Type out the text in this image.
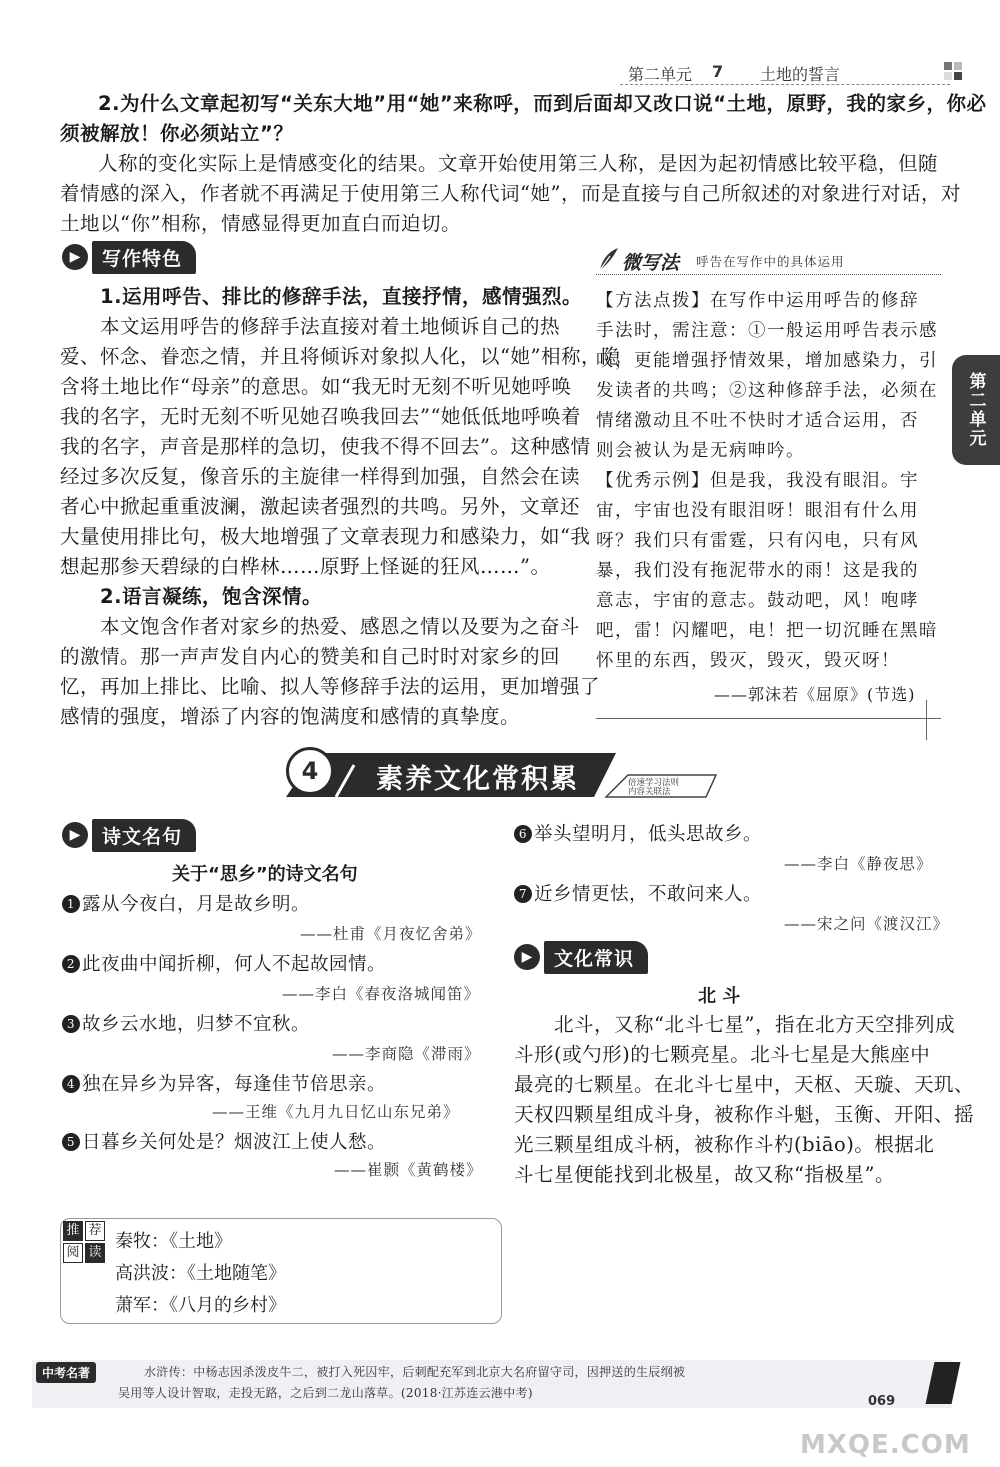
第二单元 7 土地的誓言
2.为什么文章起初写“关东大地”用“她”来称呼，而到后面却又改口说“土地，原野，我的家乡，你必
须被解放！你必须站立”？
人称的变化实际上是情感变化的结果。文章开始使用第三人称，是因为起初情感比较平稳，但随
着情感的深入，作者就不再满足于使用第三人称代词“她”，而是直接与自己所叙述的对象进行对话，对
土地以“你”相称，情感显得更加直白而迫切。
▶	写作特色
1.运用呼告、排比的修辞手法，直接抒情，感情强烈。
本文运用呼告的修辞手法直接对着土地倾诉自己的热
爱、怀念、眷恋之情，并且将倾诉对象拟人化，以“她”相称，隐
含将土地比作“母亲”的意思。如“我无时无刻不听见她呼唤
我的名字，无时无刻不听见她召唤我回去”“她低低地呼唤着
我的名字，声音是那样的急切，使我不得不回去”。这种感情
经过多次反复，像音乐的主旋律一样得到加强，自然会在读
者心中掀起重重波澜，激起读者强烈的共鸣。另外，文章还
大量使用排比句，极大地增强了文章表现力和感染力，如“我
想起那参天碧绿的白桦林……原野上怪诞的狂风……”。
2.语言凝练，饱含深情。
本文饱含作者对家乡的热爱、感恩之情以及要为之奋斗
的激情。那一声声发自内心的赞美和自己时时对家乡的回
忆，再加上排比、比喻、拟人等修辞手法的运用，更加增强了
感情的强度，增添了内容的饱满度和感情的真挚度。
微写法 呼告在写作中的具体运用
【方法点拨】在写作中运用呼告的修辞
手法时，需注意：①一般运用呼告表示感
叹，更能增强抒情效果，增加感染力，引
发读者的共鸣；②这种修辞手法，必须在
情绪激动且不吐不快时才适合运用，否
则会被认为是无病呻吟。
【优秀示例】但是我，我没有眼泪。宇
宙，宇宙也没有眼泪呀！眼泪有什么用
呀？我们只有雷霆，只有闪电，只有风
暴，我们没有拖泥带水的雨！这是我的
意志，宇宙的意志。鼓动吧，风！咆哮
吧，雷！闪耀吧，电！把一切沉睡在黑暗
怀里的东西，毁灭，毁灭，毁灭呀！
——郭沫若《屈原》(节选)
第二单元
4	素养文化常积累	倍速学习法则
内容关联法
▶	诗文名句
关于“思乡”的诗文名句
1 露从今夜白，月是故乡明。
——杜甫《月夜忆舍弟》
2 此夜曲中闻折柳，何人不起故园情。
——李白《春夜洛城闻笛》
3 故乡云水地，归梦不宜秋。
——李商隐《滞雨》
4 独在异乡为异客，每逢佳节倍思亲。
——王维《九月九日忆山东兄弟》
5 日暮乡关何处是？烟波江上使人愁。
——崔颢《黄鹤楼》
6 举头望明月，低头思故乡。
——李白《静夜思》
7 近乡情更怯，不敢问来人。
——宋之问《渡汉江》
▶	文化常识
北 斗
北斗，又称“北斗七星”，指在北方天空排列成
斗形(或勺形)的七颗亮星。北斗七星是大熊座中
最亮的七颗星。在北斗七星中，天枢、天璇、天玑、
天权四颗星组成斗身，被称作斗魁，玉衡、开阳、摇
光三颗星组成斗柄，被称作斗杓(biāo)。根据北
斗七星便能找到北极星，故又称“指极星”。
推 荐
阅 读
秦牧：《土地》
高洪波：《土地随笔》
萧军：《八月的乡村》
中考名著	水浒传：中杨志因杀泼皮牛二，被打入死囚牢，后刺配充军到北京大名府留守司，因押送的生辰纲被
吴用等人设计智取，走投无路，之后到二龙山落草。(2018·江苏连云港中考)
069
MXQE.COM
